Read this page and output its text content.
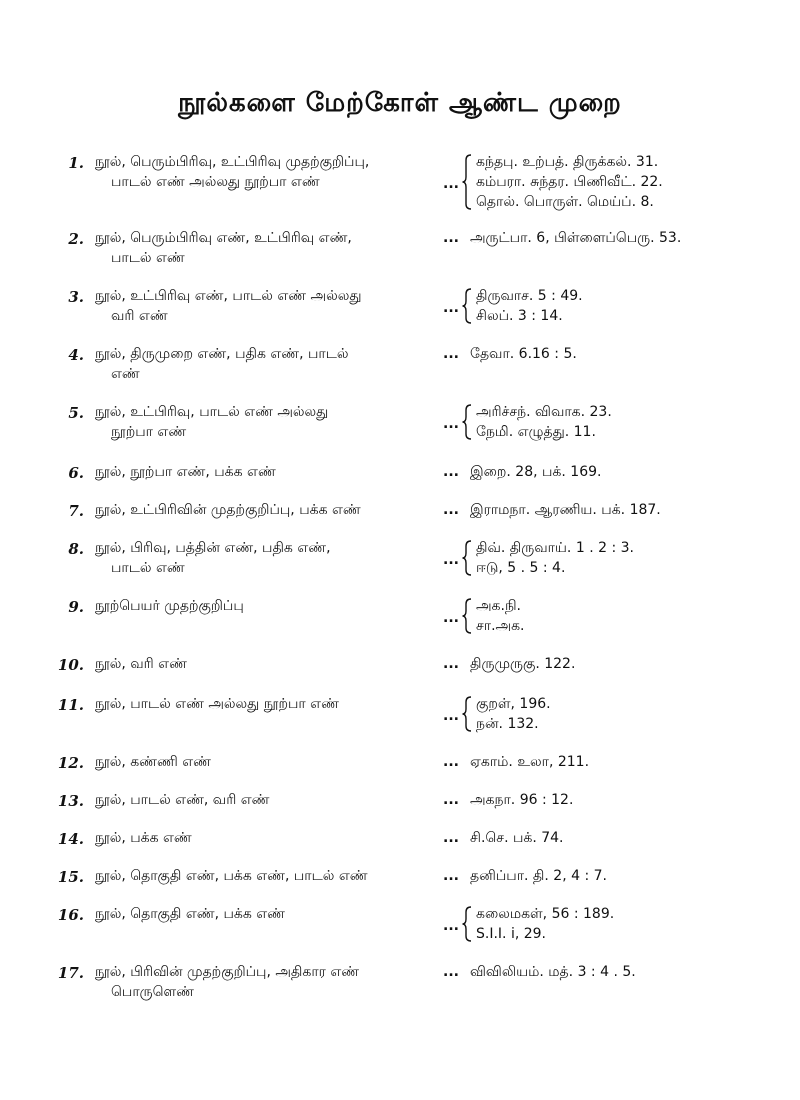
நூல்களை மேற்கோள் ஆண்ட முறை
1. நூல், பெரும்பிரிவு, உட்பிரிவு முதற்குறிப்பு,
பாடல் எண் அல்லது நூற்பா எண்	...
கந்தபு. உற்பத். திருக்கல். 31.
கம்பரா. சுந்தர. பிணிவீட். 22.
தொல். பொருள். மெய்ப். 8.
2. நூல், பெரும்பிரிவு எண், உட்பிரிவு எண்,
பாடல் எண்
... அருட்பா. 6, பிள்ளைப்பெரு. 53.
3. நூல், உட்பிரிவு எண், பாடல் எண் அல்லது
வரி எண்	...
திருவாச. 5 : 49.
சிலப். 3 : 14.
4. நூல், திருமுறை எண், பதிக எண், பாடல்
எண்
... தேவா. 6.16 : 5.
5. நூல், உட்பிரிவு, பாடல் எண் அல்லது
நூற்பா எண்	...
அரிச்சந். விவாக. 23.
நேமி. எழுத்து. 11.
6. நூல், நூற்பா எண், பக்க எண்	... இறை. 28, பக். 169.
7. நூல், உட்பிரிவின் முதற்குறிப்பு, பக்க எண்	... இராமநா. ஆரணிய. பக். 187.
8. நூல், பிரிவு, பத்தின் எண், பதிக எண்,
பாடல் எண்	...
திவ். திருவாய். 1 . 2 : 3.
ஈடு, 5 . 5 : 4.
9. நூற்பெயர் முதற்குறிப்பு
...
அக.நி.
சா.அக.
10. நூல், வரி எண்	... திருமுருகு. 122.
11. நூல், பாடல் எண் அல்லது நூற்பா எண்
...
குறள், 196.
நன். 132.
12. நூல், கண்ணி எண்	... ஏகாம். உலா, 211.
13. நூல், பாடல் எண், வரி எண்	... அகநா. 96 : 12.
14. நூல், பக்க எண்	... சி.செ. பக். 74.
15. நூல், தொகுதி எண், பக்க எண், பாடல் எண்	... தனிப்பா. தி. 2, 4 : 7.
16. நூல், தொகுதி எண், பக்க எண்
...
கலைமகள், 56 : 189.
S.I.I. i, 29.
17. நூல், பிரிவின் முதற்குறிப்பு, அதிகார எண்
பொருளெண்
... விவிலியம். மத். 3 : 4 . 5.
